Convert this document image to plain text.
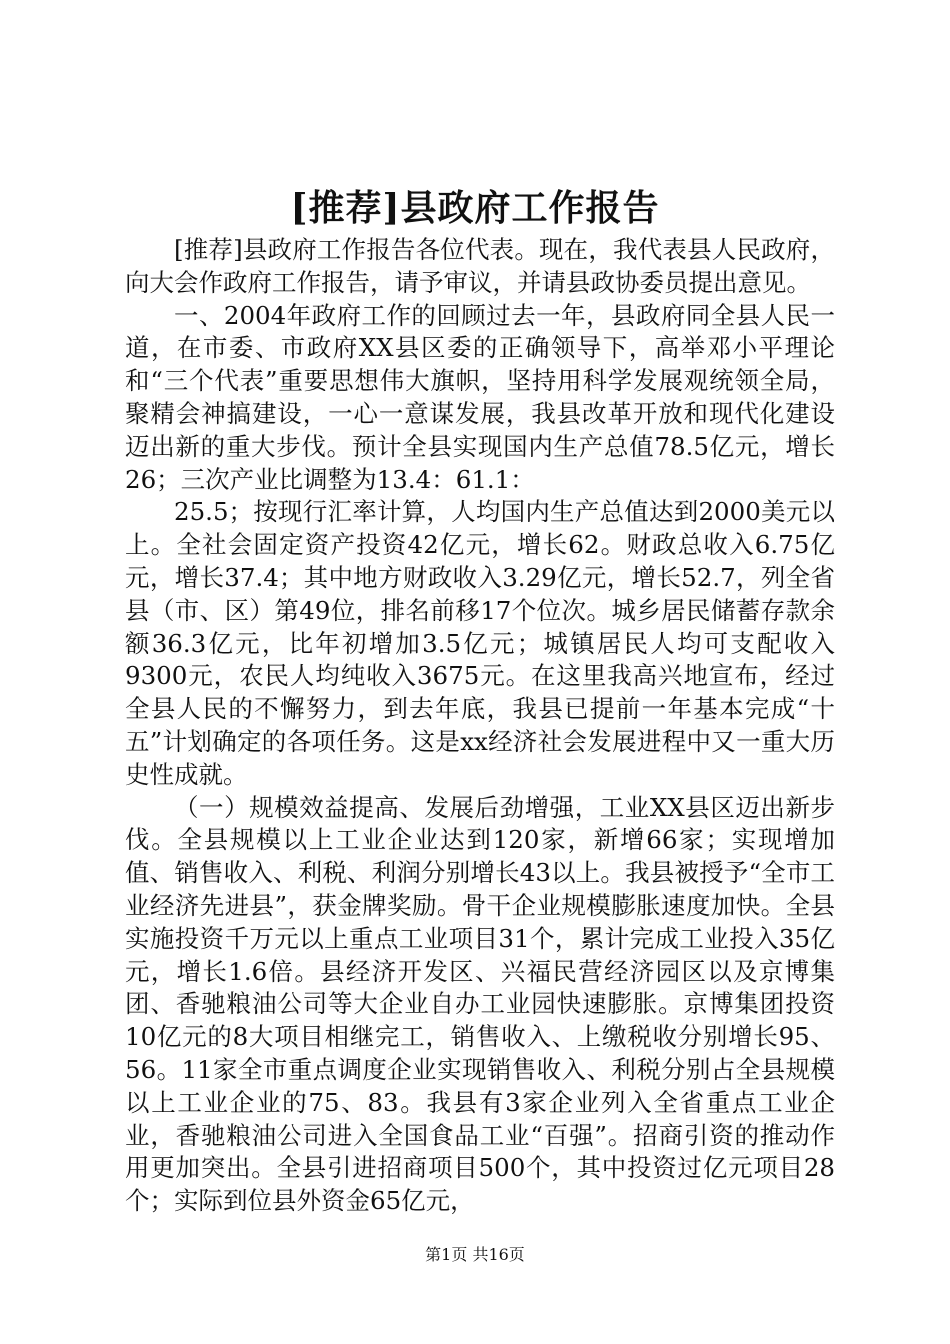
[推荐]县政府工作报告

[推荐]县政府工作报告各位代表。现在，我代表县人民政府，向大会作政府工作报告，请予审议，并请县政协委员提出意见。

一、2004年政府工作的回顾过去一年，县政府同全县人民一道，在市委、市政府XX县区委的正确领导下，高举邓小平理论和“三个代表”重要思想伟大旗帜，坚持用科学发展观统领全局，聚精会神搞建设，一心一意谋发展，我县改革开放和现代化建设迈出新的重大步伐。预计全县实现国内生产总值78.5亿元，增长26；三次产业比调整为13.4：61.1：

25.5；按现行汇率计算，人均国内生产总值达到2000美元以上。全社会固定资产投资42亿元，增长62。财政总收入6.75亿元，增长37.4；其中地方财政收入3.29亿元，增长52.7，列全省县（市、区）第49位，排名前移17个位次。城乡居民储蓄存款余额36.3亿元，比年初增加3.5亿元；城镇居民人均可支配收入9300元，农民人均纯收入3675元。在这里我高兴地宣布，经过全县人民的不懈努力，到去年底，我县已提前一年基本完成“十五”计划确定的各项任务。这是xx经济社会发展进程中又一重大历史性成就。

（一）规模效益提高、发展后劲增强，工业XX县区迈出新步伐。全县规模以上工业企业达到120家，新增66家；实现增加值、销售收入、利税、利润分别增长43以上。我县被授予“全市工业经济先进县”，获金牌奖励。骨干企业规模膨胀速度加快。全县实施投资千万元以上重点工业项目31个，累计完成工业投入35亿元，增长1.6倍。县经济开发区、兴福民营经济园区以及京博集团、香驰粮油公司等大企业自办工业园快速膨胀。京博集团投资10亿元的8大项目相继完工，销售收入、上缴税收分别增长95、56。11家全市重点调度企业实现销售收入、利税分别占全县规模以上工业企业的75、83。我县有3家企业列入全省重点工业企业，香驰粮油公司进入全国食品工业“百强”。招商引资的推动作用更加突出。全县引进招商项目500个，其中投资过亿元项目28个；实际到位县外资金65亿元，

第1页 共16页
